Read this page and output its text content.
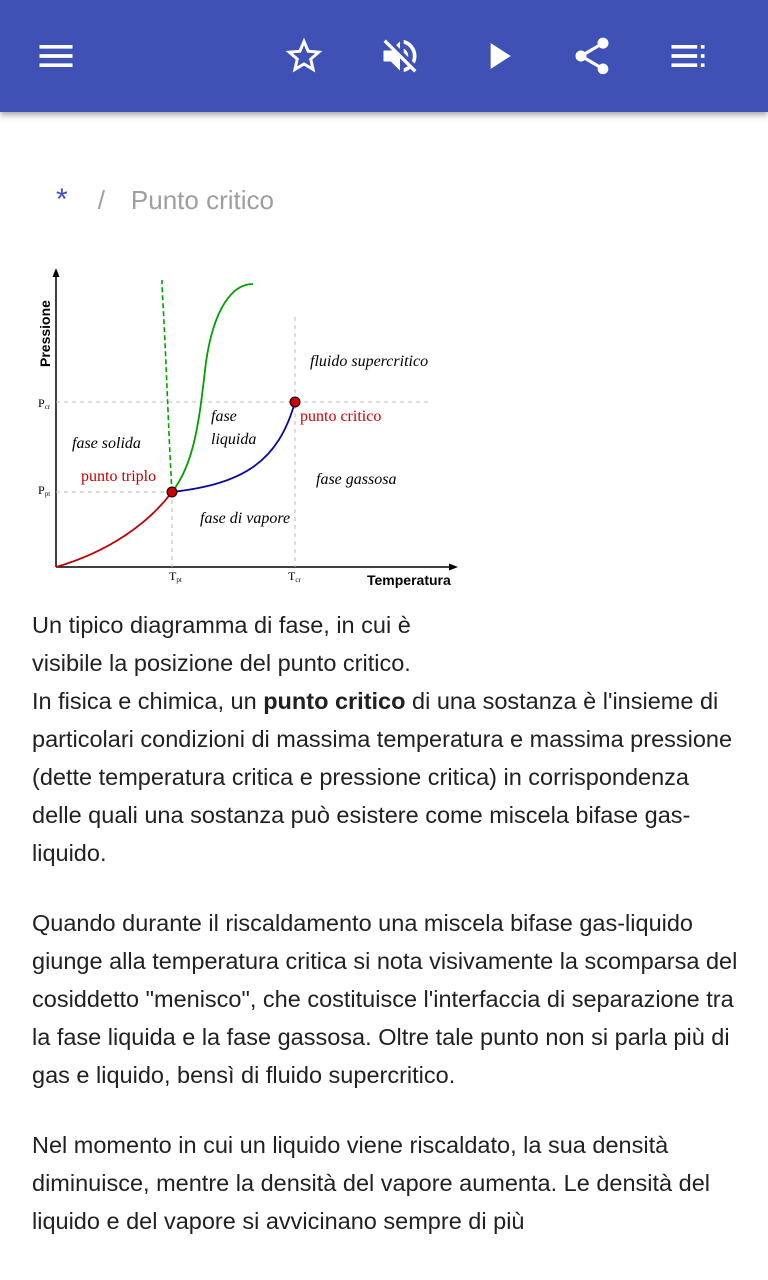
* / Punto critico
Pressione
Temperatura
Pcr
Ppt
Tpt	Tcr
fluido supercritico
fase
liquida
fase solida
fase gassosa
fase di vapore
punto critico
punto triplo
Un tipico diagramma di fase, in cui è
visibile la posizione del punto critico.

In fisica e chimica, un punto critico di una sostanza è l'insieme di particolari condizioni di massima temperatura e massima pressione (dette temperatura critica e pressione critica) in corrispondenza delle quali una sostanza può esistere come miscela bifase gas-liquido.

Quando durante il riscaldamento una miscela bifase gas-liquido giunge alla temperatura critica si nota visivamente la scomparsa del cosiddetto "menisco", che costituisce l'interfaccia di separazione tra la fase liquida e la fase gassosa. Oltre tale punto non si parla più di gas e liquido, bensì di fluido supercritico.

Nel momento in cui un liquido viene riscaldato, la sua densità diminuisce, mentre la densità del vapore aumenta. Le densità del liquido e del vapore si avvicinano sempre di più
